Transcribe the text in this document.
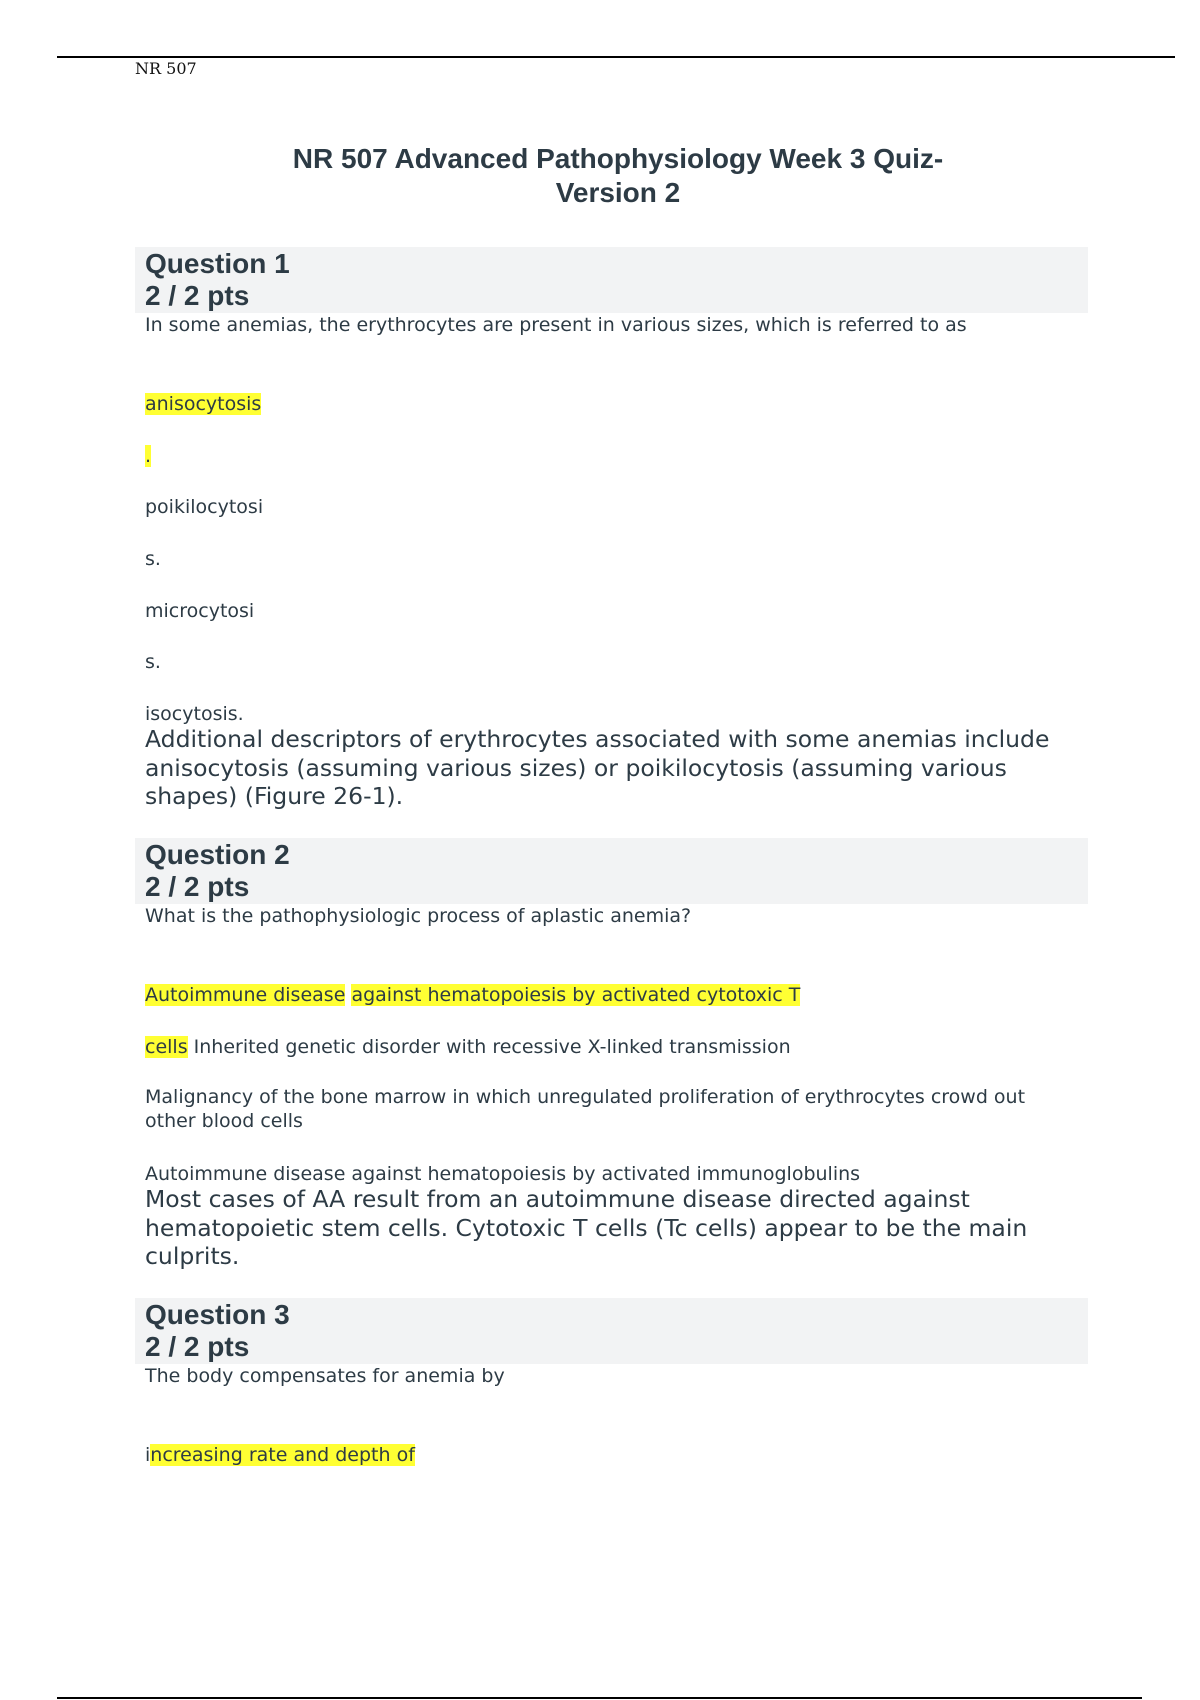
NR 507
NR 507 Advanced Pathophysiology Week 3 Quiz-
Version 2
Question 1
2 / 2 pts
In some anemias, the erythrocytes are present in various sizes, which is referred to as
anisocytosis
.
poikilocytosi
s.
microcytosi
s.
isocytosis.
Additional descriptors of erythrocytes associated with some anemias include anisocytosis (assuming various sizes) or poikilocytosis (assuming various shapes) (Figure 26-1).
Question 2
2 / 2 pts
What is the pathophysiologic process of aplastic anemia?
Autoimmune disease against hematopoiesis by activated cytotoxic T
cells Inherited genetic disorder with recessive X-linked transmission
Malignancy of the bone marrow in which unregulated proliferation of erythrocytes crowd out other blood cells
Autoimmune disease against hematopoiesis by activated immunoglobulins
Most cases of AA result from an autoimmune disease directed against hematopoietic stem cells. Cytotoxic T cells (Tc cells) appear to be the main culprits.
Question 3
2 / 2 pts
The body compensates for anemia by
increasing rate and depth of
